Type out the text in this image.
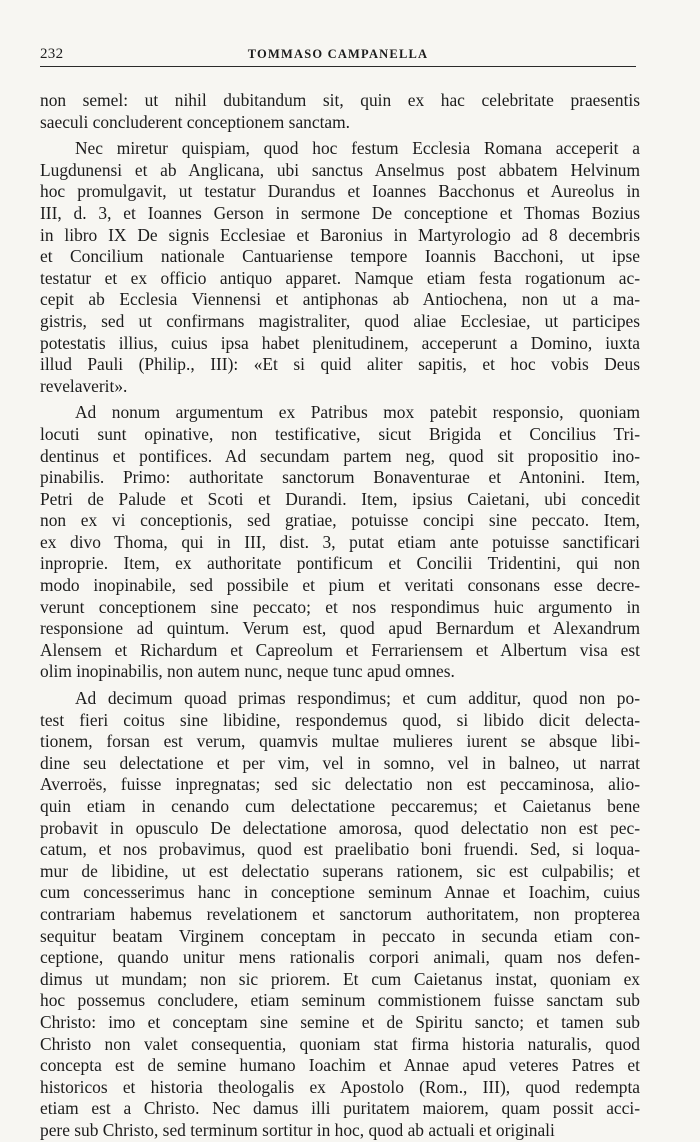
232	TOMMASO CAMPANELLA
non semel: ut nihil dubitandum sit, quin ex hac celebritate praesentis
saeculi concluderent conceptionem sanctam.
Nec miretur quispiam, quod hoc festum Ecclesia Romana acceperit a
Lugdunensi et ab Anglicana, ubi sanctus Anselmus post abbatem Helvinum
hoc promulgavit, ut testatur Durandus et Ioannes Bacchonus et Aureolus in
III, d. 3, et Ioannes Gerson in sermone De conceptione et Thomas Bozius
in libro IX De signis Ecclesiae et Baronius in Martyrologio ad 8 decembris
et Concilium nationale Cantuariense tempore Ioannis Bacchoni, ut ipse
testatur et ex officio antiquo apparet. Namque etiam festa rogationum ac-
cepit ab Ecclesia Viennensi et antiphonas ab Antiochena, non ut a ma-
gistris, sed ut confirmans magistraliter, quod aliae Ecclesiae, ut participes
potestatis illius, cuius ipsa habet plenitudinem, acceperunt a Domino, iuxta
illud Pauli (Philip., III): «Et si quid aliter sapitis, et hoc vobis Deus
revelaverit».
Ad nonum argumentum ex Patribus mox patebit responsio, quoniam
locuti sunt opinative, non testificative, sicut Brigida et Concilius Tri-
dentinus et pontifices. Ad secundam partem neg, quod sit propositio ino-
pinabilis. Primo: authoritate sanctorum Bonaventurae et Antonini. Item,
Petri de Palude et Scoti et Durandi. Item, ipsius Caietani, ubi concedit
non ex vi conceptionis, sed gratiae, potuisse concipi sine peccato. Item,
ex divo Thoma, qui in III, dist. 3, putat etiam ante potuisse sanctificari
inproprie. Item, ex authoritate pontificum et Concilii Tridentini, qui non
modo inopinabile, sed possibile et pium et veritati consonans esse decre-
verunt conceptionem sine peccato; et nos respondimus huic argumento in
responsione ad quintum. Verum est, quod apud Bernardum et Alexandrum
Alensem et Richardum et Capreolum et Ferrariensem et Albertum visa est
olim inopinabilis, non autem nunc, neque tunc apud omnes.
Ad decimum quoad primas respondimus; et cum additur, quod non po-
test fieri coitus sine libidine, respondemus quod, si libido dicit delecta-
tionem, forsan est verum, quamvis multae mulieres iurent se absque libi-
dine seu delectatione et per vim, vel in somno, vel in balneo, ut narrat
Averroës, fuisse inpregnatas; sed sic delectatio non est peccaminosa, alio-
quin etiam in cenando cum delectatione peccaremus; et Caietanus bene
probavit in opusculo De delectatione amorosa, quod delectatio non est pec-
catum, et nos probavimus, quod est praelibatio boni fruendi. Sed, si loqua-
mur de libidine, ut est delectatio superans rationem, sic est culpabilis; et
cum concesserimus hanc in conceptione seminum Annae et Ioachim, cuius
contrariam habemus revelationem et sanctorum authoritatem, non propterea
sequitur beatam Virginem conceptam in peccato in secunda etiam con-
ceptione, quando unitur mens rationalis corpori animali, quam nos defen-
dimus ut mundam; non sic priorem. Et cum Caietanus instat, quoniam ex
hoc possemus concludere, etiam seminum commistionem fuisse sanctam sub
Christo: imo et conceptam sine semine et de Spiritu sancto; et tamen sub
Christo non valet consequentia, quoniam stat firma historia naturalis, quod
concepta est de semine humano Ioachim et Annae apud veteres Patres et
historicos et historia theologalis ex Apostolo (Rom., III), quod redempta
etiam est a Christo. Nec damus illi puritatem maiorem, quam possit acci-
pere sub Christo, sed terminum sortitur in hoc, quod ab actuali et originali
